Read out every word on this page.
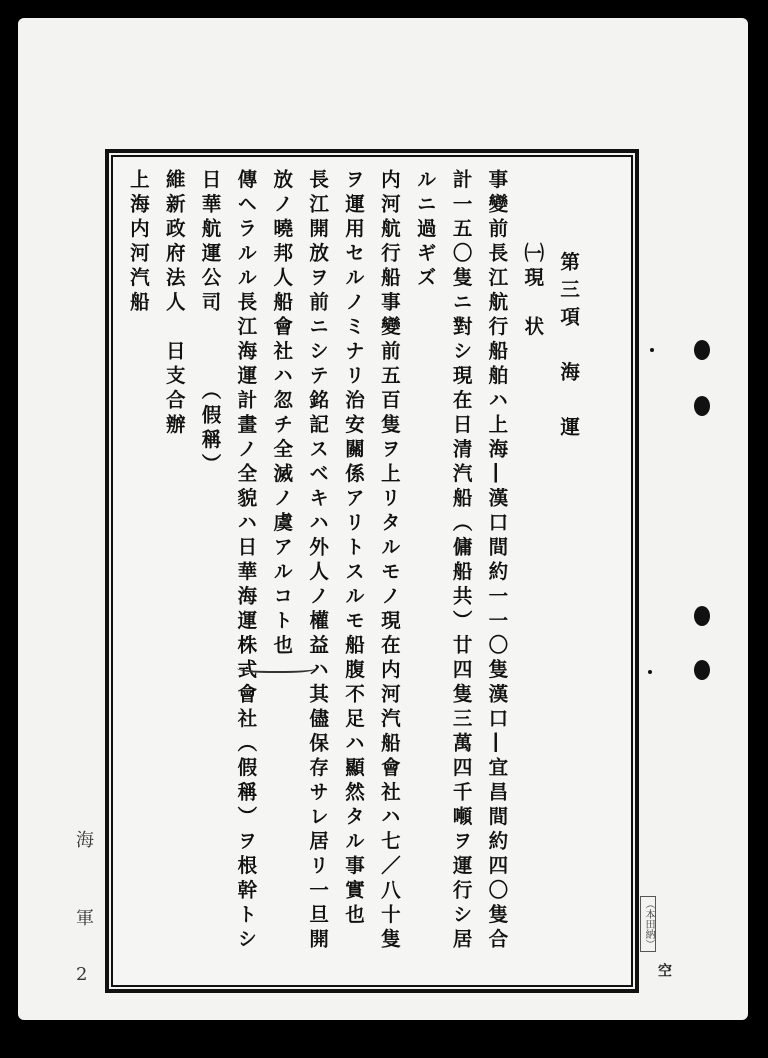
　　　第三項　海　運
　　　㈠現　状
事變前長江航行船舶ハ上海―漢口間約一一〇隻漢口―宜昌間約四〇隻合
計一五〇隻ニ對シ現在日清汽船（傭船共）廿四隻三萬四千噸ヲ運行シ居
ルニ過ギズ
内河航行船事變前五百隻ヲ上リタルモノ現在内河汽船會社ハ七／八十隻
ヲ運用セルノミナリ治安關係アリトスルモ船腹不足ハ顯然タル事實也
長江開放ヲ前ニシテ銘記スベキハ外人ノ權益ハ其儘保存サレ居リ一旦開
放ノ曉邦人船會社ハ忽チ全滅ノ虞アルコト也
傳ヘラルル長江海運計畫ノ全貌ハ日華海運株式會社（假稱）ヲ根幹トシ
日華航運公司　　　（假稱）
維新政府法人　日支合辦
上海内河汽船
海
軍
2
（本田納）
空
